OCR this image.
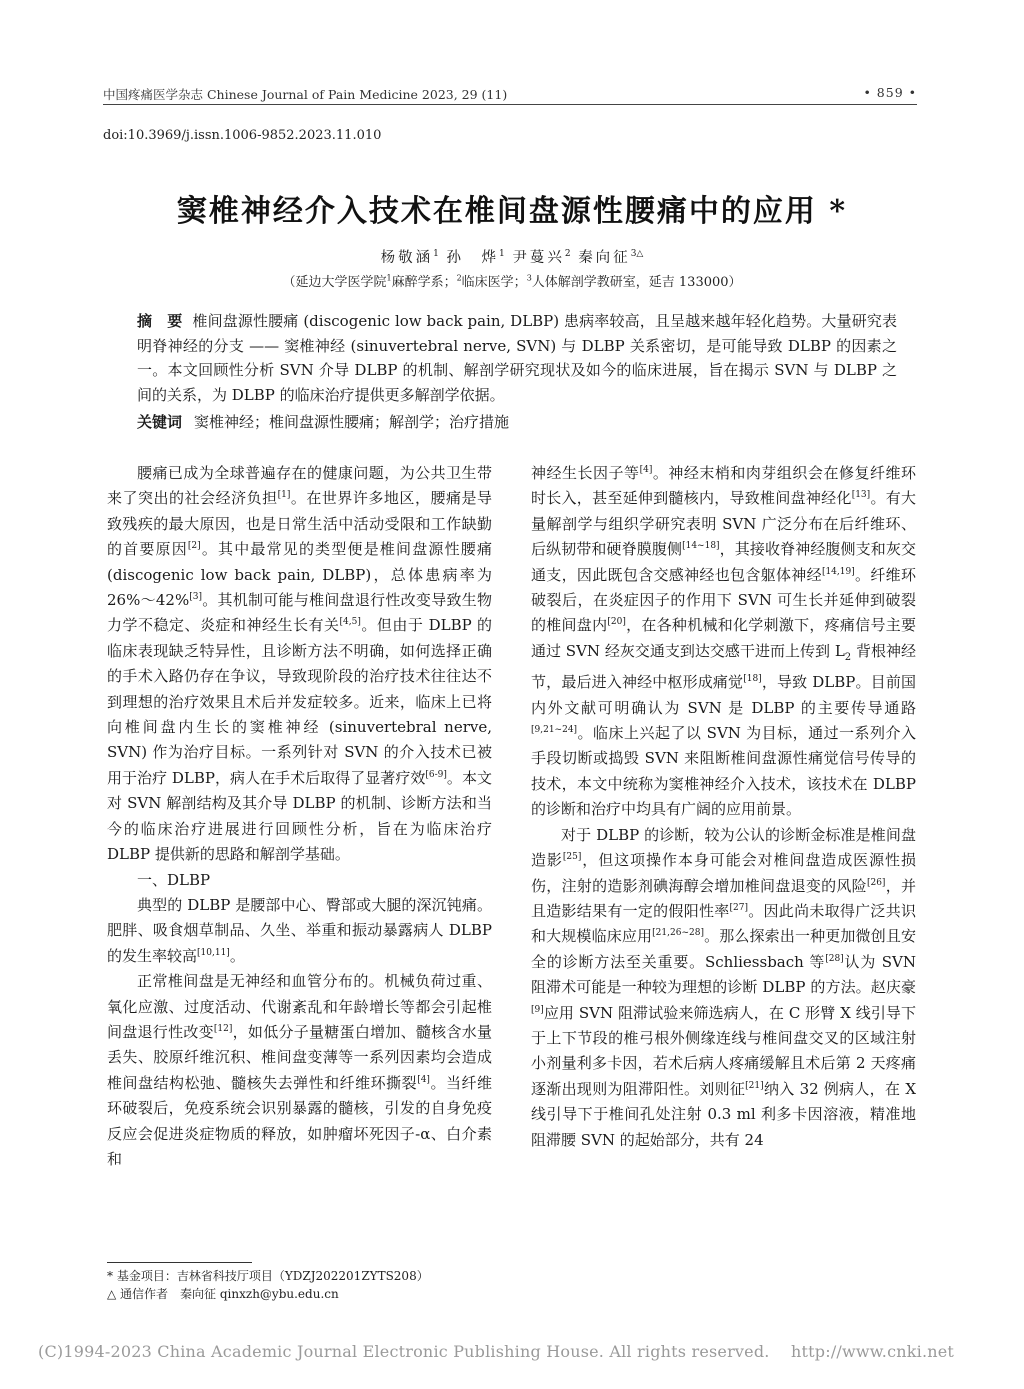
中国疼痛医学杂志 Chinese Journal of Pain Medicine 2023, 29 (11)	• 859 •
doi:10.3969/j.issn.1006-9852.2023.11.010
窦椎神经介入技术在椎间盘源性腰痛中的应用 *
杨敬涵$^1$ 孙　烨$^1$ 尹蔓兴$^2$ 秦向征$^{3\triangle}$
（延边大学医学院$^1$麻醉学系；$^2$临床医学；$^3$人体解剖学教研室，延吉 133000）
摘　要 椎间盘源性腰痛 (discogenic low back pain, DLBP) 患病率较高，且呈越来越年轻化趋势。大量研究表明脊神经的分支 —— 窦椎神经 (sinuvertebral nerve, SVN) 与 DLBP 关系密切，是可能导致 DLBP 的因素之一。本文回顾性分析 SVN 介导 DLBP 的机制、解剖学研究现状及如今的临床进展，旨在揭示 SVN 与 DLBP 之间的关系，为 DLBP 的临床治疗提供更多解剖学依据。
关键词 窦椎神经；椎间盘源性腰痛；解剖学；治疗措施

腰痛已成为全球普遍存在的健康问题，为公共卫生带来了突出的社会经济负担[1]。在世界许多地区，腰痛是导致残疾的最大原因，也是日常生活中活动受限和工作缺勤的首要原因[2]。其中最常见的类型便是椎间盘源性腰痛 (discogenic low back pain, DLBP)，总体患病率为 26%～42%[3]。其机制可能与椎间盘退行性改变导致生物力学不稳定、炎症和神经生长有关[4,5]。但由于 DLBP 的临床表现缺乏特异性，且诊断方法不明确，如何选择正确的手术入路仍存在争议，导致现阶段的治疗技术往往达不到理想的治疗效果且术后并发症较多。近来，临床上已将向椎间盘内生长的窦椎神经 (sinuvertebral nerve, SVN) 作为治疗目标。一系列针对 SVN 的介入技术已被用于治疗 DLBP，病人在手术后取得了显著疗效[6-9]。本文对 SVN 解剖结构及其介导 DLBP 的机制、诊断方法和当今的临床治疗进展进行回顾性分析，旨在为临床治疗 DLBP 提供新的思路和解剖学基础。

一、DLBP

典型的 DLBP 是腰部中心、臀部或大腿的深沉钝痛。肥胖、吸食烟草制品、久坐、举重和振动暴露病人 DLBP 的发生率较高[10,11]。

正常椎间盘是无神经和血管分布的。机械负荷过重、氧化应激、过度活动、代谢紊乱和年龄增长等都会引起椎间盘退行性改变[12]，如低分子量糖蛋白增加、髓核含水量丢失、胶原纤维沉积、椎间盘变薄等一系列因素均会造成椎间盘结构松弛、髓核失去弹性和纤维环撕裂[4]。当纤维环破裂后，免疫系统会识别暴露的髓核，引发的自身免疫反应会促进炎症物质的释放，如肿瘤坏死因子-α、白介素和

神经生长因子等[4]。神经末梢和肉芽组织会在修复纤维环时长入，甚至延伸到髓核内，导致椎间盘神经化[13]。有大量解剖学与组织学研究表明 SVN 广泛分布在后纤维环、后纵韧带和硬脊膜腹侧[14~18]，其接收脊神经腹侧支和灰交通支，因此既包含交感神经也包含躯体神经[14,19]。纤维环破裂后，在炎症因子的作用下 SVN 可生长并延伸到破裂的椎间盘内[20]，在各种机械和化学刺激下，疼痛信号主要通过 SVN 经灰交通支到达交感干进而上传到 $L_2$ 背根神经节，最后进入神经中枢形成痛觉[18]，导致 DLBP。目前国内外文献可明确认为 SVN 是 DLBP 的主要传导通路[9,21~24]。临床上兴起了以 SVN 为目标，通过一系列介入手段切断或捣毁 SVN 来阻断椎间盘源性痛觉信号传导的技术，本文中统称为窦椎神经介入技术，该技术在 DLBP 的诊断和治疗中均具有广阔的应用前景。

对于 DLBP 的诊断，较为公认的诊断金标准是椎间盘造影[25]，但这项操作本身可能会对椎间盘造成医源性损伤，注射的造影剂碘海醇会增加椎间盘退变的风险[26]，并且造影结果有一定的假阳性率[27]。因此尚未取得广泛共识和大规模临床应用[21,26~28]。那么探索出一种更加微创且安全的诊断方法至关重要。Schliessbach 等[28]认为 SVN 阻滞术可能是一种较为理想的诊断 DLBP 的方法。赵庆豪[9]应用 SVN 阻滞试验来筛选病人，在 C 形臂 X 线引导下于上下节段的椎弓根外侧缘连线与椎间盘交叉的区域注射小剂量利多卡因，若术后病人疼痛缓解且术后第 2 天疼痛逐渐出现则为阻滞阳性。刘则征[21]纳入 32 例病人，在 X 线引导下于椎间孔处注射 0.3 ml 利多卡因溶液，精准地阻滞腰 SVN 的起始部分，共有 24

* 基金项目：吉林省科技厅项目（YDZJ202201ZYTS208）
△ 通信作者　秦向征 qinxzh@ybu.edu.cn
(C)1994-2023 China Academic Journal Electronic Publishing House. All rights reserved.　 http://www.cnki.net
